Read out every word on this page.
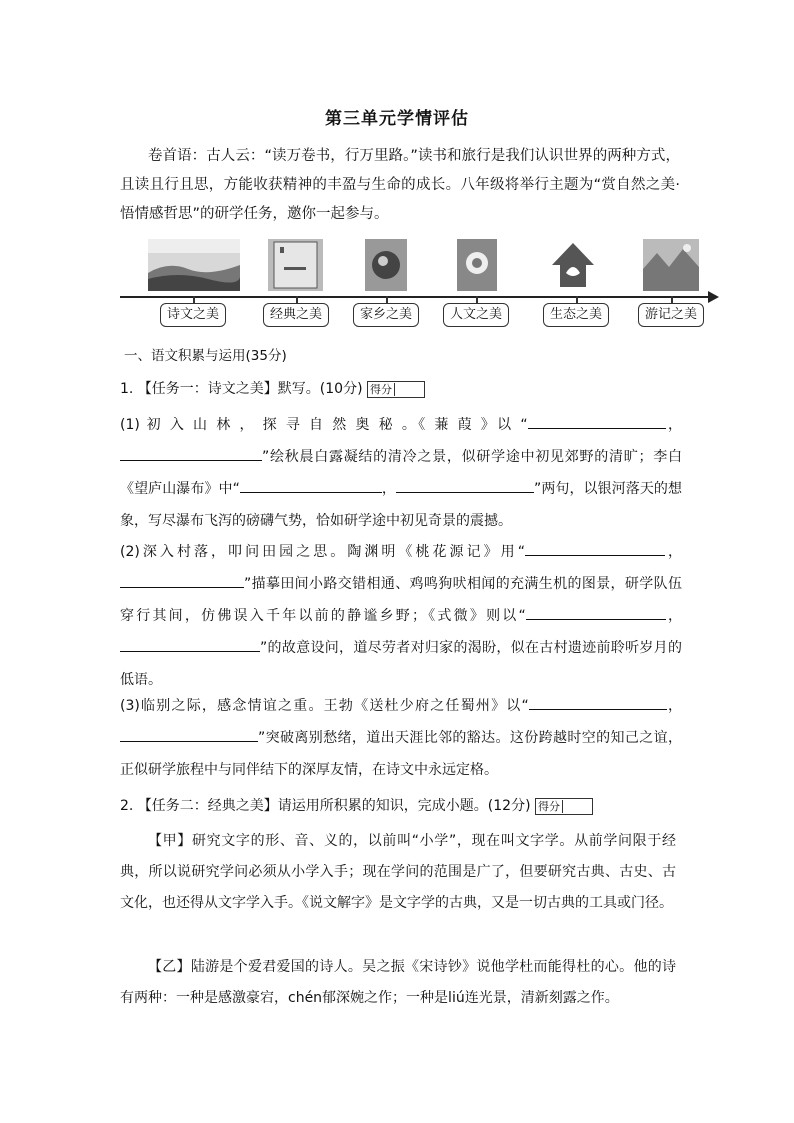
第三单元学情评估
卷首语：古人云：“读万卷书，行万里路。”读书和旅行是我们认识世界的两种方式，且读且行且思，方能收获精神的丰盈与生命的成长。八年级将举行主题为“赏自然之美·悟情感哲思”的研学任务，邀你一起参与。
诗文之美	经典之美	家乡之美	人文之美	生态之美	游记之美
一、语文积累与运用(35分)
1. 【任务一：诗文之美】默写。(10分) 得分
(1) 初 入 山 林 ， 探 寻 自 然 奥 秘 。《 蒹 葭 》以 “	，”绘秋晨白露凝结的清冷之景，似研学途中初见郊野的清旷；李白《望庐山瀑布》中“	，	”两句，以银河落天的想象，写尽瀑布飞泻的磅礴气势，恰如研学途中初见奇景的震撼。
(2)深入村落，叩问田园之思。陶渊明《桃花源记》用“	，”描摹田间小路交错相通、鸡鸣狗吠相闻的充满生机的图景，研学队伍穿行其间，仿佛误入千年以前的静谧乡野；《式微》则以“	，”的故意设问，道尽劳者对归家的渴盼，似在古村遗迹前聆听岁月的低语。
(3)临别之际，感念情谊之重。王勃《送杜少府之任蜀州》以“	，”突破离别愁绪，道出天涯比邻的豁达。这份跨越时空的知己之谊，正似研学旅程中与同伴结下的深厚友情，在诗文中永远定格。
2. 【任务二：经典之美】请运用所积累的知识，完成小题。(12分) 得分
【甲】研究文字的形、音、义的，以前叫“小学”，现在叫文字学。从前学问限于经典，所以说研究学问必须从小学入手；现在学问的范围是广了，但要研究古典、古史、古文化，也还得从文字学入手。《说文解字》是文字学的古典，又是一切古典的工具或门径。
【乙】陆游是个爱君爱国的诗人。吴之振《宋诗钞》说他学杜而能得杜的心。他的诗有两种：一种是感激豪宕，chén郁深婉之作；一种是liú连光景，清新刻露之作。
